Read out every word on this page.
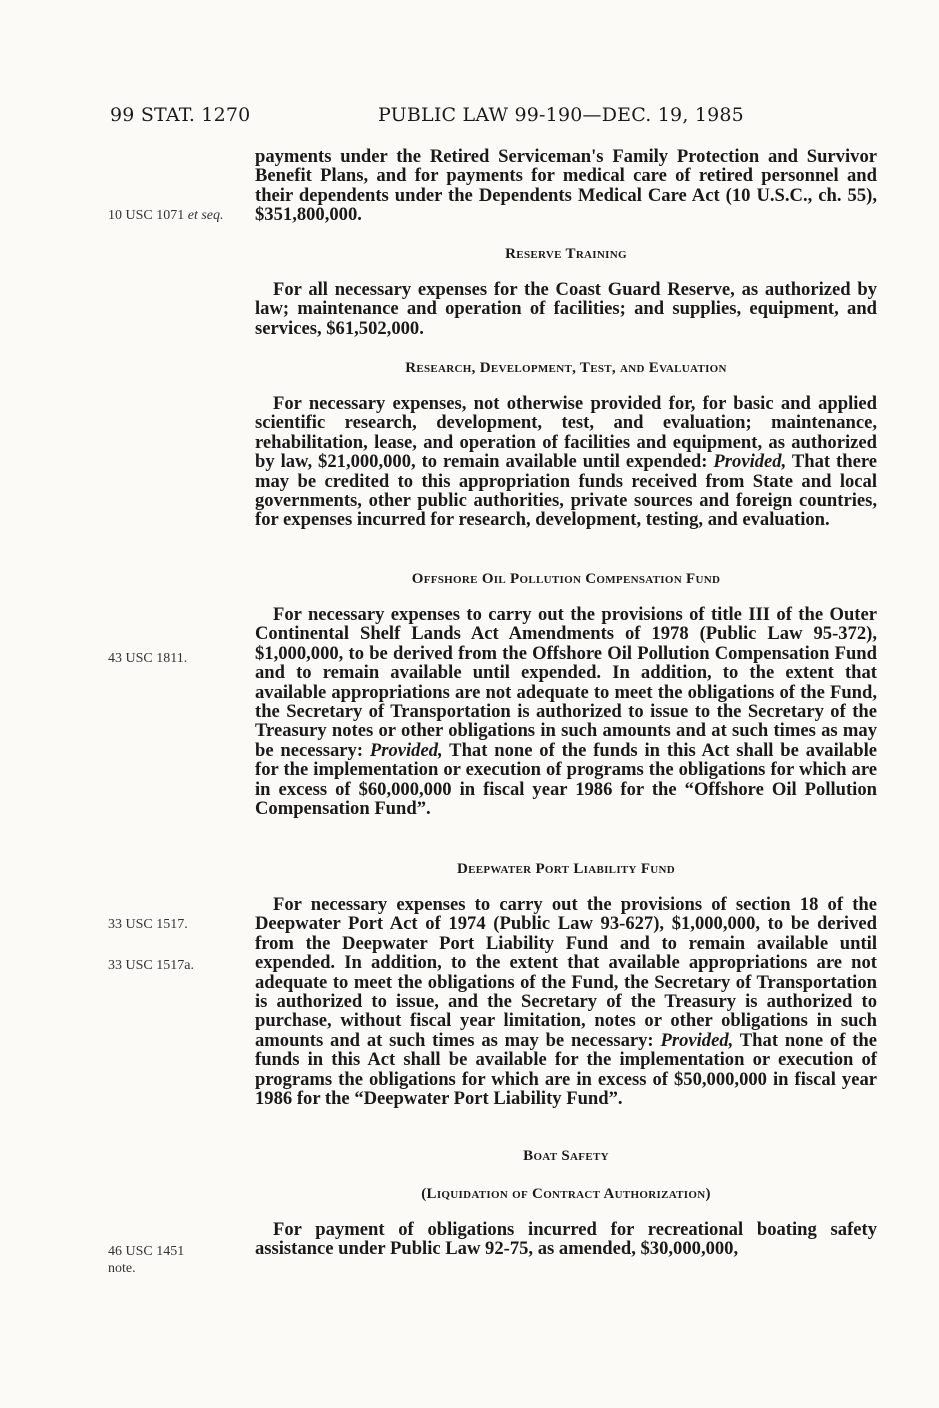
99 STAT. 1270	PUBLIC LAW 99-190—DEC. 19, 1985
10 USC 1071 et seq.
43 USC 1811.
33 USC 1517.
33 USC 1517a.
46 USC 1451
note.

payments under the Retired Serviceman's Family Protection and Survivor Benefit Plans, and for payments for medical care of retired personnel and their dependents under the Dependents Medical Care Act (10 U.S.C., ch. 55), $351,800,000.

Reserve Training

For all necessary expenses for the Coast Guard Reserve, as authorized by law; maintenance and operation of facilities; and supplies, equipment, and services, $61,502,000.

Research, Development, Test, and Evaluation

For necessary expenses, not otherwise provided for, for basic and applied scientific research, development, test, and evaluation; maintenance, rehabilitation, lease, and operation of facilities and equipment, as authorized by law, $21,000,000, to remain available until expended: Provided, That there may be credited to this appropriation funds received from State and local governments, other public authorities, private sources and foreign countries, for expenses incurred for research, development, testing, and evaluation.

Offshore Oil Pollution Compensation Fund

For necessary expenses to carry out the provisions of title III of the Outer Continental Shelf Lands Act Amendments of 1978 (Public Law 95-372), $1,000,000, to be derived from the Offshore Oil Pollution Compensation Fund and to remain available until expended. In addition, to the extent that available appropriations are not adequate to meet the obligations of the Fund, the Secretary of Transportation is authorized to issue to the Secretary of the Treasury notes or other obligations in such amounts and at such times as may be necessary: Provided, That none of the funds in this Act shall be available for the implementation or execution of programs the obligations for which are in excess of $60,000,000 in fiscal year 1986 for the “Offshore Oil Pollution Compensation Fund”.

Deepwater Port Liability Fund

For necessary expenses to carry out the provisions of section 18 of the Deepwater Port Act of 1974 (Public Law 93-627), $1,000,000, to be derived from the Deepwater Port Liability Fund and to remain available until expended. In addition, to the extent that available appropriations are not adequate to meet the obligations of the Fund, the Secretary of Transportation is authorized to issue, and the Secretary of the Treasury is authorized to purchase, without fiscal year limitation, notes or other obligations in such amounts and at such times as may be necessary: Provided, That none of the funds in this Act shall be available for the implementation or execution of programs the obligations for which are in excess of $50,000,000 in fiscal year 1986 for the “Deepwater Port Liability Fund”.

Boat Safety
(Liquidation of Contract Authorization)

For payment of obligations incurred for recreational boating safety assistance under Public Law 92-75, as amended, $30,000,000,
